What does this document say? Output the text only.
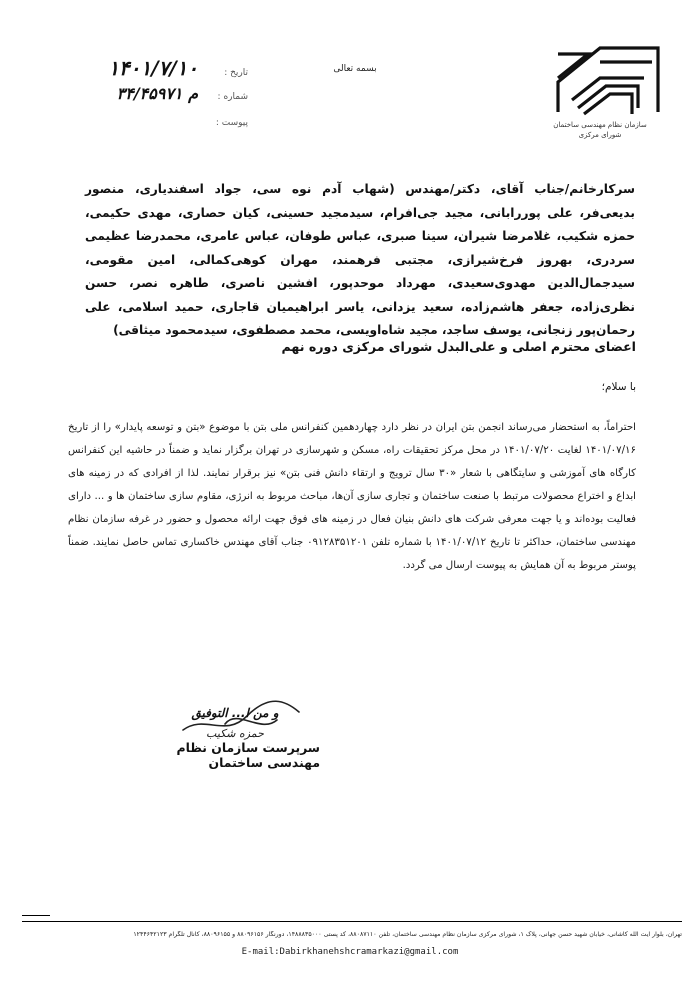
سازمان نظام مهندسی ساختمان
شورای مرکزی
بسمه تعالی
تاریخ :
۱۴۰۱/۷/۱۰
شماره :
۳۴/۴۵۹۷۱ م
پیوست :
سرکارخانم/جناب آقای، دکتر/مهندس (شهاب آدم نوه سی، جواد اسفندیاری، منصور بدیعی‌فر، علی پوررابانی، مجید جی‌افرام، سیدمجید حسینی، کیان حصاری، مهدی حکیمی، حمزه شکیب، غلامرضا شیران، سینا صبری، عباس طوفان، عباس عامری، محمدرضا عظیمی سردری، بهروز فرخ‌شیرازی، مجتبی فرهمند، مهران کوهی‌کمالی، امین مقومی، سیدجمال‌الدین مهدوی‌سعیدی، مهرداد موحدپور، افشین ناصری، طاهره نصر، حسن نظری‌زاده، جعفر هاشم‌زاده، سعید یزدانی، یاسر ابراهیمیان قاجاری، حمید اسلامی، علی رحمان‌پور زنجانی، یوسف ساجد، مجید شاه‌اویسی، محمد مصطفوی، سیدمحمود میثاقی)
اعضای محترم اصلی و علی‌البدل شورای مرکزی دوره نهم
با سلام؛
احتراماً، به استحضار می‌رساند انجمن بتن ایران در نظر دارد چهاردهمین کنفرانس ملی بتن با موضوع «بتن و توسعه پایدار» را از تاریخ ۱۴۰۱/۰۷/۱۶ لغایت ۱۴۰۱/۰۷/۲۰ در محل مرکز تحقیقات راه، مسکن و شهرسازی در تهران برگزار نماید و ضمناً در حاشیه این کنفرانس کارگاه های آموزشی و سایتگاهی با شعار «۳۰ سال ترویج و ارتقاء دانش فنی بتن» نیز برقرار نمایند. لذا از افرادی که در زمینه های ابداع و اختراع محصولات مرتبط با صنعت ساختمان و تجاری سازی آن‌ها، مباحث مربوط به انرژی، مقاوم سازی ساختمان ها و ... دارای فعالیت بوده‌اند و یا جهت معرفی شرکت های دانش بنیان فعال در زمینه های فوق جهت ارائه محصول و حضور در غرفه سازمان نظام مهندسی ساختمان، حداکثر تا تاریخ ۱۴۰۱/۰۷/۱۲ با شماره تلفن ۰۹۱۲۸۳۵۱۲۰۱ جناب آقای مهندس خاکساری تماس حاصل نمایند. ضمناً پوستر مربوط به آن همایش به پیوست ارسال می گردد.
و من ا... التوفیق
حمزه شکیب
سرپرست سازمان نظام مهندسی ساختمان
تهران، بلوار آیت الله کاشانی، خیابان شهید حسن جهانی، پلاک ۱، شورای مرکزی سازمان نظام مهندسی ساختمان، تلفن ۸۸۰۸۷۱۱۰، کد پستی ۱۴۸۸۸۳۵۰۰۰، دورنگار ۸۸۰۹۶۱۵۶ و ۸۸۰۹۶۱۵۵، کانال تلگرام ۱۲۴۴۶۴۲۱۲۳
E-mail:Dabirkhanehshcramarkazi@gmail.com
